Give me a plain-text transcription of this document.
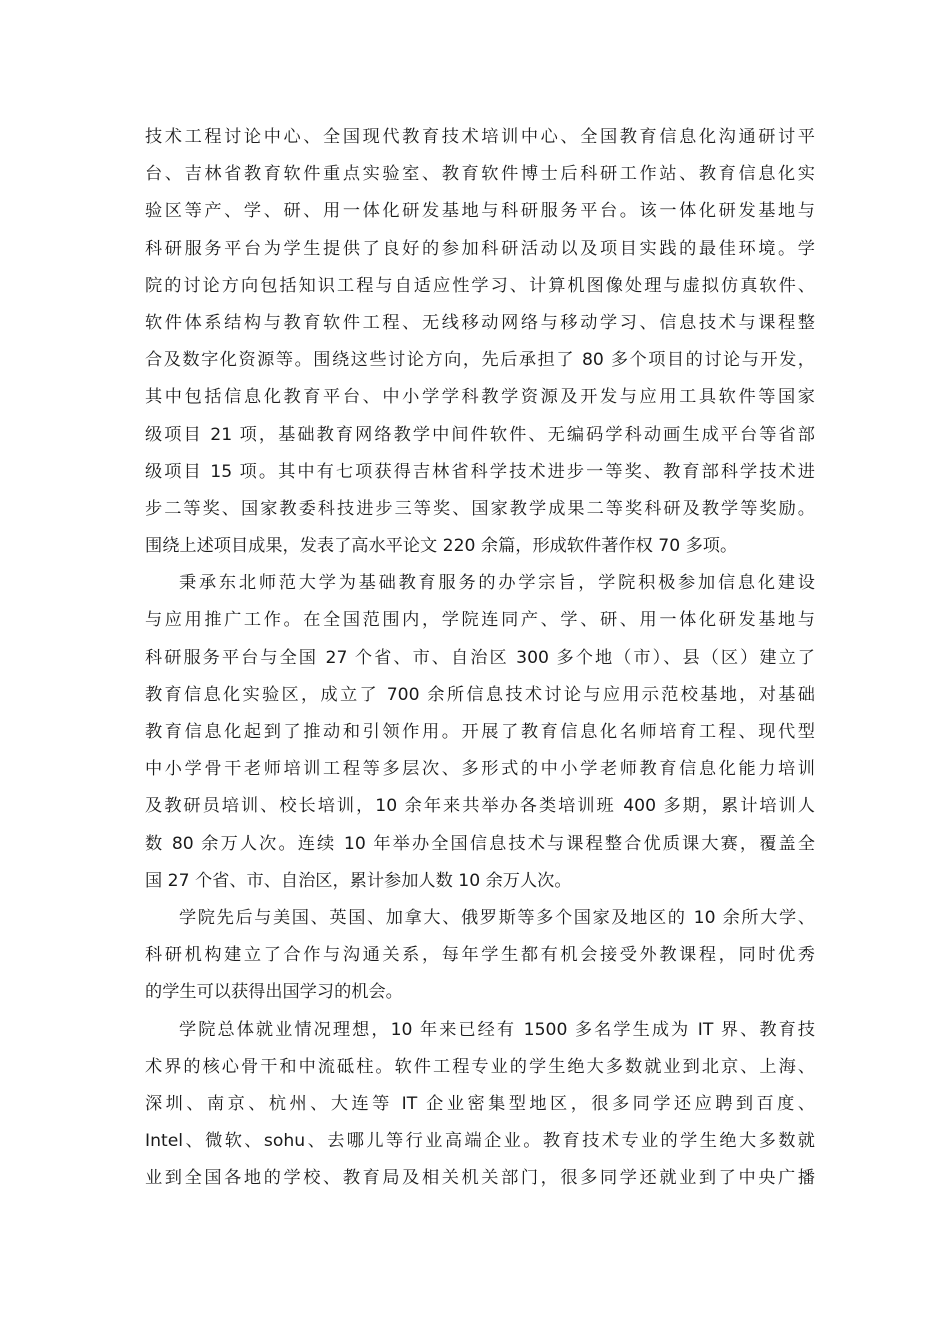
技术工程讨论中心、全国现代教育技术培训中心、全国教育信息化沟通研讨平
台、吉林省教育软件重点实验室、教育软件博士后科研工作站、教育信息化实
验区等产、学、研、用一体化研发基地与科研服务平台。该一体化研发基地与
科研服务平台为学生提供了良好的参加科研活动以及项目实践的最佳环境。学
院的讨论方向包括知识工程与自适应性学习、计算机图像处理与虚拟仿真软件、
软件体系结构与教育软件工程、无线移动网络与移动学习、信息技术与课程整
合及数字化资源等。围绕这些讨论方向，先后承担了 80 多个项目的讨论与开发，
其中包括信息化教育平台、中小学学科教学资源及开发与应用工具软件等国家
级项目 21 项，基础教育网络教学中间件软件、无编码学科动画生成平台等省部
级项目 15 项。其中有七项获得吉林省科学技术进步一等奖、教育部科学技术进
步二等奖、国家教委科技进步三等奖、国家教学成果二等奖科研及教学等奖励。
围绕上述项目成果，发表了高水平论文 220 余篇，形成软件著作权 70 多项。
秉承东北师范大学为基础教育服务的办学宗旨，学院积极参加信息化建设
与应用推广工作。在全国范围内，学院连同产、学、研、用一体化研发基地与
科研服务平台与全国 27 个省、市、自治区 300 多个地（市）、县（区）建立了
教育信息化实验区，成立了 700 余所信息技术讨论与应用示范校基地，对基础
教育信息化起到了推动和引领作用。开展了教育信息化名师培育工程、现代型
中小学骨干老师培训工程等多层次、多形式的中小学老师教育信息化能力培训
及教研员培训、校长培训，10 余年来共举办各类培训班 400 多期，累计培训人
数 80 余万人次。连续 10 年举办全国信息技术与课程整合优质课大赛，覆盖全
国 27 个省、市、自治区，累计参加人数 10 余万人次。
学院先后与美国、英国、加拿大、俄罗斯等多个国家及地区的 10 余所大学、
科研机构建立了合作与沟通关系，每年学生都有机会接受外教课程，同时优秀
的学生可以获得出国学习的机会。
学院总体就业情况理想，10 年来已经有 1500 多名学生成为 IT 界、教育技
术界的核心骨干和中流砥柱。软件工程专业的学生绝大多数就业到北京、上海、
深圳、南京、杭州、大连等 IT 企业密集型地区，很多同学还应聘到百度、
Intel、微软、sohu、去哪儿等行业高端企业。教育技术专业的学生绝大多数就
业到全国各地的学校、教育局及相关机关部门，很多同学还就业到了中央广播
